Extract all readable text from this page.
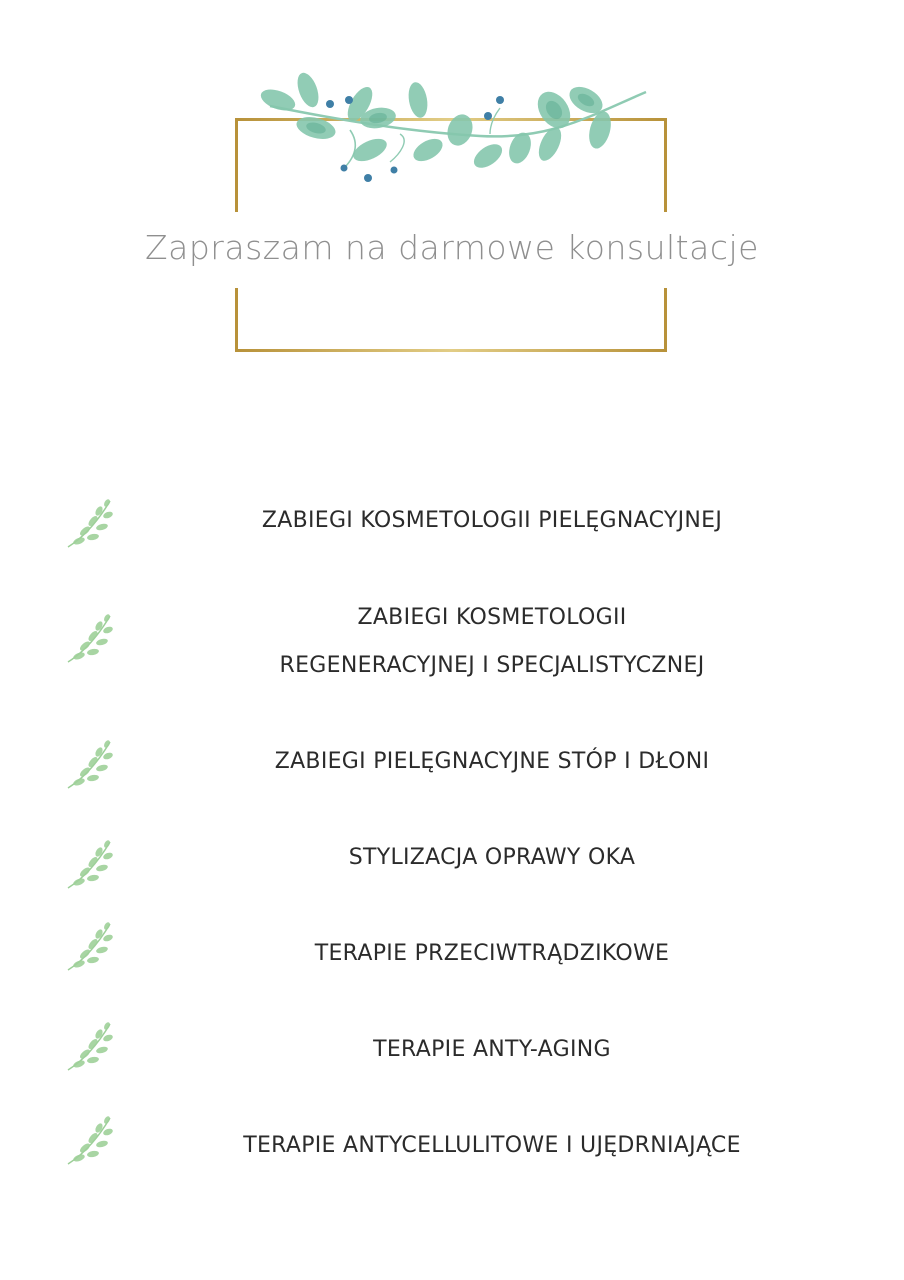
Zapraszam na darmowe konsultacje
ZABIEGI KOSMETOLOGII PIELĘGNACYJNEJ
ZABIEGI KOSMETOLOGII
REGENERACYJNEJ I SPECJALISTYCZNEJ
ZABIEGI PIELĘGNACYJNE STÓP I DŁONI
STYLIZACJA OPRAWY OKA
TERAPIE PRZECIWTRĄDZIKOWE
TERAPIE ANTY-AGING
TERAPIE ANTYCELLULITOWE I UJĘDRNIAJĄCE
